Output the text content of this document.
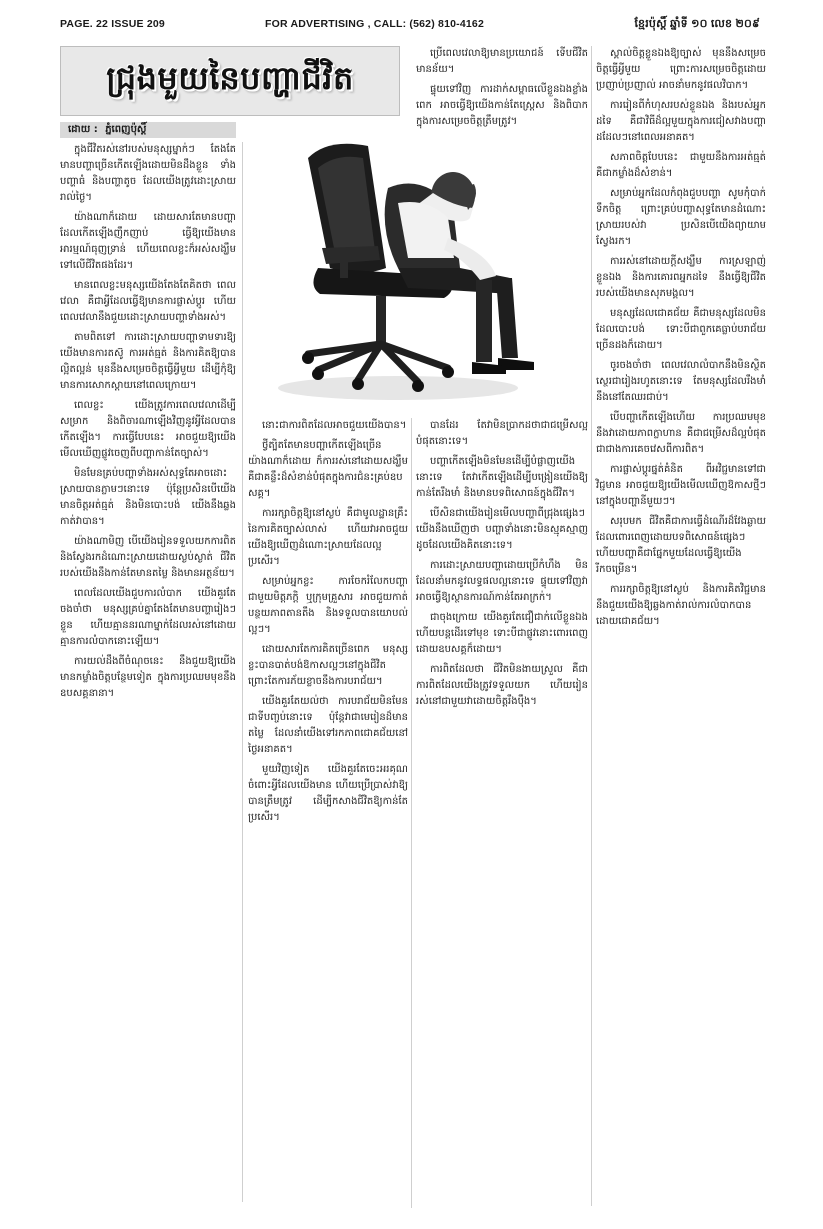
PAGE. 22 ISSUE 209	FOR ADVERTISING , CALL: (562) 810-4162	ខ្មែរប៉ុស្តិ៍ ឆ្នាំទី ១០ លេខ ២០៩
ជ្រុងមួយនៃបញ្ហាជីវិត
ដោយ : ភ្នំពេញប៉ុស្តិ៍

ក្នុងជីវិតរស់នៅរបស់មនុស្សម្នាក់ៗ តែងតែមានបញ្ហាច្រើនកើតឡើងដោយមិនដឹងខ្លួន ទាំងបញ្ហាធំ និងបញ្ហាតូច ដែលយើងត្រូវដោះស្រាយរាល់ថ្ងៃ។

យ៉ាងណាក៏ដោយ ដោយសារតែមានបញ្ហាដែលកើតឡើងញឹកញាប់ ធ្វើឱ្យយើងមានអារម្មណ៍ធុញទ្រាន់ ហើយពេលខ្លះក៏អស់សង្ឃឹមទៅលើជីវិតផងដែរ។

មានពេលខ្លះមនុស្សយើងតែងតែគិតថា ពេលវេលា គឺជាអ្វីដែលធ្វើឱ្យមានការផ្លាស់ប្តូរ ហើយពេលវេលានឹងជួយដោះស្រាយបញ្ហាទាំងអស់។

តាមពិតទៅ ការដោះស្រាយបញ្ហាទាមទារឱ្យយើងមានការតស៊ូ ការអត់ធ្មត់ និងការគិតឱ្យបានល្អិតល្អន់ មុននឹងសម្រេចចិត្តធ្វើអ្វីមួយ ដើម្បីកុំឱ្យមានការសោកស្តាយនៅពេលក្រោយ។

ពេលខ្លះ យើងត្រូវការពេលវេលាដើម្បីសម្រាក និងពិចារណាឡើងវិញនូវអ្វីដែលបានកើតឡើង។ ការធ្វើបែបនេះ អាចជួយឱ្យយើងមើលឃើញផ្លូវចេញពីបញ្ហាកាន់តែច្បាស់។

មិនមែនគ្រប់បញ្ហាទាំងអស់សុទ្ធតែអាចដោះស្រាយបានភ្លាមៗនោះទេ ប៉ុន្តែប្រសិនបើយើងមានចិត្តអត់ធ្មត់ និងមិនបោះបង់ យើងនឹងឆ្លងកាត់វាបាន។

យ៉ាងណាមិញ បើយើងរៀនទទួលយកការពិត និងស្វែងរកដំណោះស្រាយដោយស្ងប់ស្ងាត់ ជីវិតរបស់យើងនឹងកាន់តែមានតម្លៃ និងមានអត្ថន័យ។

ពេលដែលយើងជួបការលំបាក យើងគួរតែចងចាំថា មនុស្សគ្រប់គ្នាតែងតែមានបញ្ហារៀងៗខ្លួន ហើយគ្មាននរណាម្នាក់ដែលរស់នៅដោយគ្មានការលំបាកនោះឡើយ។

ការយល់ដឹងពីចំណុចនេះ នឹងជួយឱ្យយើងមានកម្លាំងចិត្តបន្ថែមទៀត ក្នុងការប្រឈមមុខនឹងឧបសគ្គនានា។

នោះជាការពិតដែលអាចជួយយើងបាន។

ថ្វីត្បិតតែមានបញ្ហាកើតឡើងច្រើនយ៉ាងណាក៏ដោយ ក៏ការរស់នៅដោយសង្ឃឹមគឺជាគន្លឹះដ៏សំខាន់បំផុតក្នុងការជំនះគ្រប់ឧបសគ្គ។

ការរក្សាចិត្តឱ្យនៅស្ងប់ គឺជាមូលដ្ឋានគ្រឹះនៃការគិតច្បាស់លាស់ ហើយវាអាចជួយយើងឱ្យឃើញដំណោះស្រាយដែលល្អប្រសើរ។

សម្រាប់អ្នកខ្លះ ការចែករំលែកបញ្ហាជាមួយមិត្តភក្តិ ឬក្រុមគ្រួសារ អាចជួយកាត់បន្ថយភាពតានតឹង និងទទួលបានយោបល់ល្អៗ។

ដោយសារតែការគិតច្រើនពេក មនុស្សខ្លះបានបាត់បង់ឱកាសល្អៗនៅក្នុងជីវិត ព្រោះតែការភ័យខ្លាចនឹងការបរាជ័យ។

យើងគួរតែយល់ថា ការបរាជ័យមិនមែនជាទីបញ្ចប់នោះទេ ប៉ុន្តែវាជាមេរៀនដ៏មានតម្លៃ ដែលនាំយើងទៅរកភាពជោគជ័យនៅថ្ងៃអនាគត។

មួយវិញទៀត យើងគួរតែចេះអរគុណចំពោះអ្វីដែលយើងមាន ហើយប្រើប្រាស់វាឱ្យបានត្រឹមត្រូវ ដើម្បីកសាងជីវិតឱ្យកាន់តែប្រសើរ។

ប្រើពេលវេលាឱ្យមានប្រយោជន៍ ទើបជីវិតមានន័យ។

ផ្ទុយទៅវិញ ការដាក់សម្ពាធលើខ្លួនឯងខ្លាំងពេក អាចធ្វើឱ្យយើងកាន់តែស្ត្រេស និងពិបាកក្នុងការសម្រេចចិត្តត្រឹមត្រូវ។

បានដែរ តែវាមិនប្រាកដថាជាជម្រើសល្អបំផុតនោះទេ។

បញ្ហាកើតឡើងមិនមែនដើម្បីបំផ្លាញយើងនោះទេ តែវាកើតឡើងដើម្បីបង្រៀនយើងឱ្យកាន់តែរឹងមាំ និងមានបទពិសោធន៍ក្នុងជីវិត។

បើសិនជាយើងរៀនមើលបញ្ហាពីជ្រុងផ្សេងៗ យើងនឹងឃើញថា បញ្ហាទាំងនោះមិនស្មុគស្មាញដូចដែលយើងគិតនោះទេ។

ការដោះស្រាយបញ្ហាដោយប្រើកំហឹង មិនដែលនាំមកនូវលទ្ធផលល្អនោះទេ ផ្ទុយទៅវិញវាអាចធ្វើឱ្យស្ថានការណ៍កាន់តែអាក្រក់។

ជាចុងក្រោយ យើងគួរតែជឿជាក់លើខ្លួនឯង ហើយបន្តដើរទៅមុខ ទោះបីជាផ្លូវនោះពោរពេញដោយឧបសគ្គក៏ដោយ។

ការពិតដែលថា ជីវិតមិនងាយស្រួល គឺជាការពិតដែលយើងត្រូវទទួលយក ហើយរៀនរស់នៅជាមួយវាដោយចិត្តរឹងប៉ឹង។

ស្គាល់ចិត្តខ្លួនឯងឱ្យច្បាស់ មុននឹងសម្រេចចិត្តធ្វើអ្វីមួយ ព្រោះការសម្រេចចិត្តដោយប្រញាប់ប្រញាល់ អាចនាំមកនូវផលវិបាក។

ការរៀនពីកំហុសរបស់ខ្លួនឯង និងរបស់អ្នកដទៃ គឺជាវិធីដ៏ល្អមួយក្នុងការជៀសវាងបញ្ហាដដែលៗនៅពេលអនាគត។

សភាពចិត្តបែបនេះ ជាមួយនឹងការអត់ធ្មត់ គឺជាកម្លាំងដ៏សំខាន់។

សម្រាប់អ្នកដែលកំពុងជួបបញ្ហា សូមកុំបាក់ទឹកចិត្ត ព្រោះគ្រប់បញ្ហាសុទ្ធតែមានដំណោះស្រាយរបស់វា ប្រសិនបើយើងព្យាយាមស្វែងរក។

ការរស់នៅដោយក្តីសង្ឃឹម ការស្រឡាញ់ខ្លួនឯង និងការគោរពអ្នកដទៃ នឹងធ្វើឱ្យជីវិតរបស់យើងមានសុភមង្គល។

មនុស្សដែលជោគជ័យ គឺជាមនុស្សដែលមិនដែលបោះបង់ ទោះបីជាពួកគេធ្លាប់បរាជ័យច្រើនដងក៏ដោយ។

ចូរចងចាំថា ពេលវេលាលំបាកនឹងមិនស្ថិតស្ថេរជារៀងរហូតនោះទេ តែមនុស្សដែលរឹងមាំនឹងនៅតែឈរជាប់។

បើបញ្ហាកើតឡើងហើយ ការប្រឈមមុខនឹងវាដោយភាពក្លាហាន គឺជាជម្រើសដ៏ល្អបំផុត ជាជាងការគេចវេសពីការពិត។

ការផ្លាស់ប្តូរផ្នត់គំនិត ពីអវិជ្ជមានទៅជាវិជ្ជមាន អាចជួយឱ្យយើងមើលឃើញឱកាសថ្មីៗនៅក្នុងបញ្ហានីមួយៗ។

សរុបមក ជីវិតគឺជាការធ្វើដំណើរដ៏វែងឆ្ងាយ ដែលពោរពេញដោយបទពិសោធន៍ផ្សេងៗ ហើយបញ្ហាគឺជាផ្នែកមួយដែលធ្វើឱ្យយើងរីកចម្រើន។

ការរក្សាចិត្តឱ្យនៅស្ងប់ និងការគិតវិជ្ជមាន នឹងជួយយើងឱ្យឆ្លងកាត់រាល់ការលំបាកបានដោយជោគជ័យ។
